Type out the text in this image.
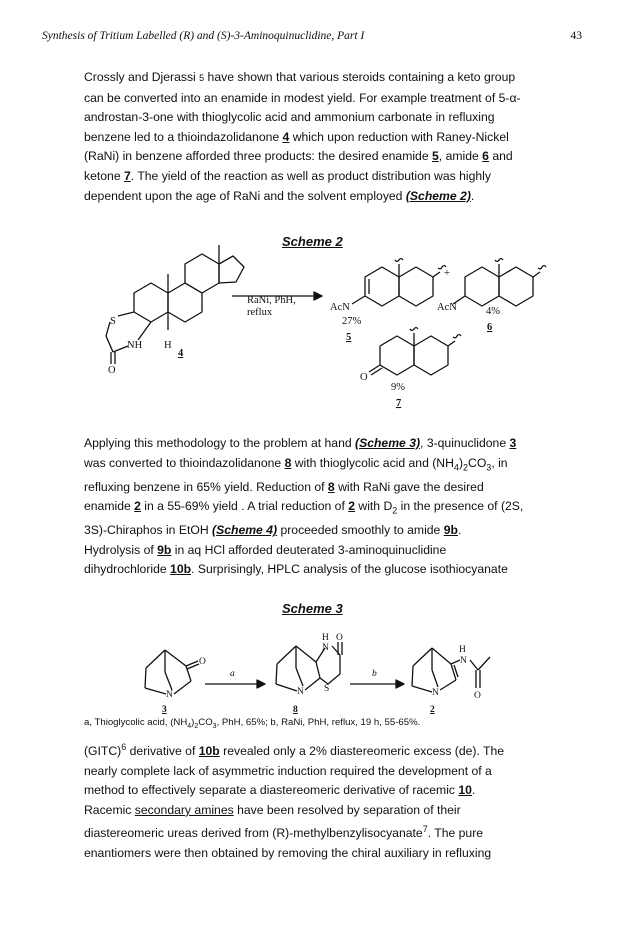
Synthesis of Tritium Labelled (R) and (S)-3-Aminoquinuclidine, Part I	43
Crossly and Djerassi 5 have shown that various steroids containing a keto group
can be converted into an enamide in modest yield. For example treatment of 5-α-
androstan-3-one with thioglycolic acid and ammonium carbonate in refluxing
benzene led to a thioindazolidanone 4 which upon reduction with Raney-Nickel
(RaNi) in benzene afforded three products: the desired enamide 5, amide 6 and
ketone 7. The yield of the reaction as well as product distribution was highly
dependent upon the age of RaNi and the solvent employed (Scheme 2).
Scheme 2
RaNi, PhH,
reflux
S
NH H
O
4
AcN
+
AcN
27%
5
4%
6
O
9%
7
Applying this methodology to the problem at hand (Scheme 3), 3-quinuclidone 3
was converted to thioindazolidanone 8 with thioglycolic acid and $(NH_4)_2CO_3$, in
refluxing benzene in 65% yield. Reduction of 8 with RaNi gave the desired
enamide 2 in a 55-69% yield . A trial reduction of 2 with $D_2$ in the presence of (2S,
3S)-Chiraphos in EtOH (Scheme 4) proceeded smoothly to amide 9b.
Hydrolysis of 9b in aq HCl afforded deuterated 3-aminoquinuclidine
dihydrochloride 10b. Surprisingly, HPLC analysis of the glucose isothiocyanate
Scheme 3
a	b
O
N
3
O
H
N
S
N
8
H
N
N	O
2
a, Thioglycolic acid, $(NH_4)_2CO_3$, PhH, 65%; b, RaNi, PhH, reflux, 19 h, 55-65%.
(GITC)$^6$ derivative of 10b revealed only a 2% diastereomeric excess (de). The
nearly complete lack of asymmetric induction required the development of a
method to effectively separate a diastereomeric derivative of racemic 10.
Racemic secondary amines have been resolved by separation of their
diastereomeric ureas derived from (R)-methylbenzylisocyanate$^7$. The pure
enantiomers were then obtained by removing the chiral auxiliary in refluxing
